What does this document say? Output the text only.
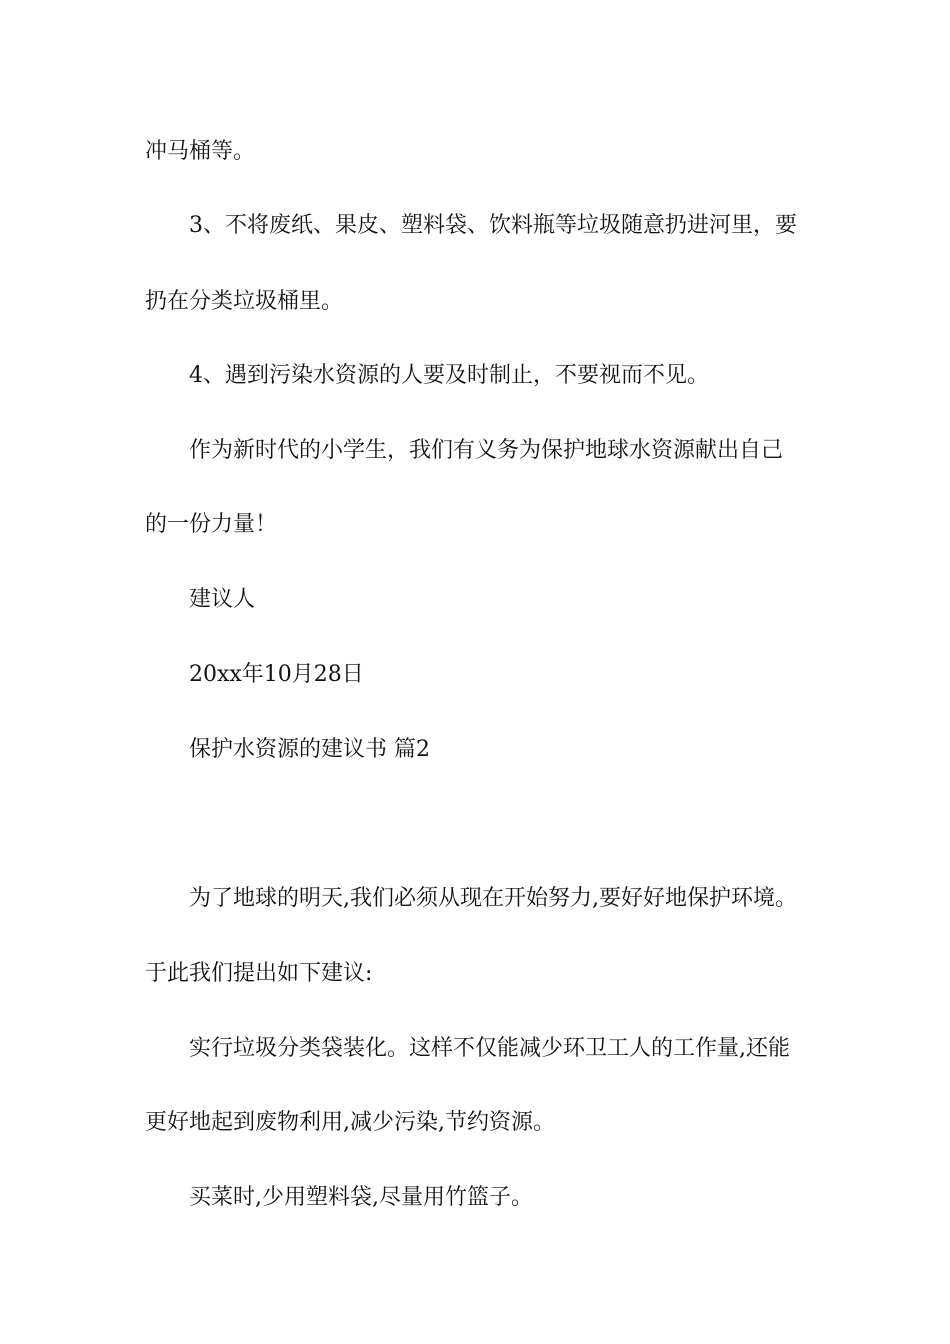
冲马桶等。
3、不将废纸、果皮、塑料袋、饮料瓶等垃圾随意扔进河里，要
扔在分类垃圾桶里。
4、遇到污染水资源的人要及时制止，不要视而不见。
作为新时代的小学生，我们有义务为保护地球水资源献出自己
的一份力量！
建议人
20xx年10月28日
保护水资源的建议书 篇2
为了地球的明天,我们必须从现在开始努力,要好好地保护环境。
于此我们提出如下建议:
实行垃圾分类袋装化。这样不仅能减少环卫工人的工作量,还能
更好地起到废物利用,减少污染,节约资源。
买菜时,少用塑料袋,尽量用竹篮子。
